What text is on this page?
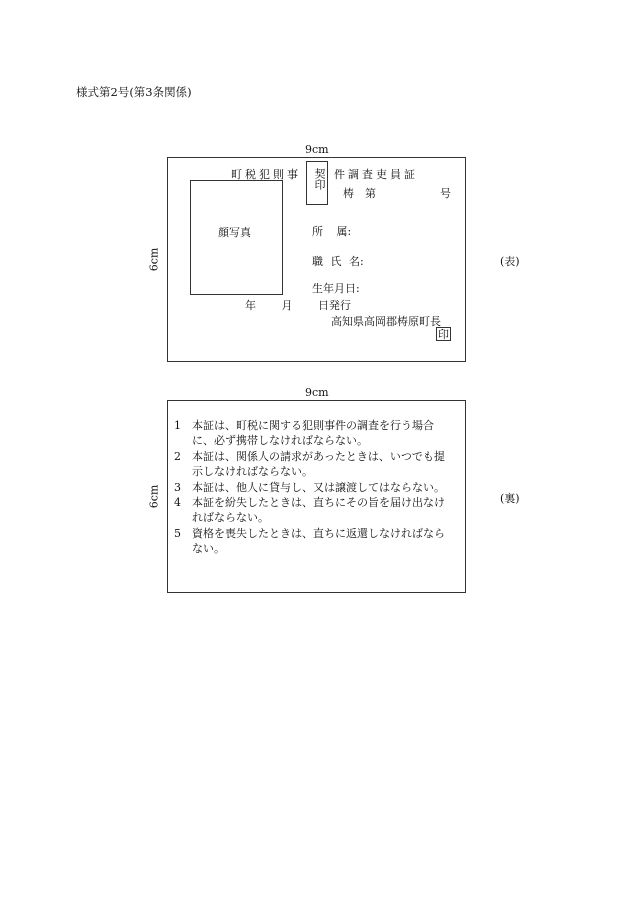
様式第2号(第3条関係)
9cm
6cm	(表)
町税犯則事 契印 件調査吏員証
梼 第	号
顔写真	所 属:
職 氏 名:
生年月日:
年 月 日発行
高知県高岡郡梼原町長
印
9cm
6cm	(裏)
1 本証は、町税に関する犯則事件の調査を行う場合
に、必ず携帯しなければならない。
2 本証は、関係人の請求があったときは、いつでも提
示しなければならない。
3 本証は、他人に貸与し、又は譲渡してはならない。
4 本証を紛失したときは、直ちにその旨を届け出なけ
ればならない。
5 資格を喪失したときは、直ちに返還しなければなら
ない。
